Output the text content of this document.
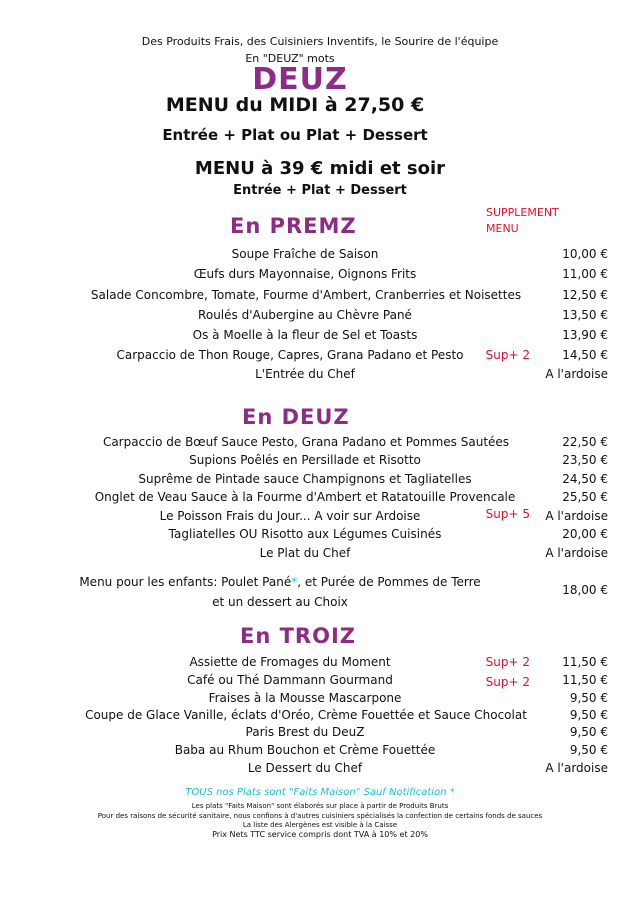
Des Produits Frais, des Cuisiniers Inventifs, le Sourire de l'équipe
En "DEUZ" mots
DEUZ
MENU du MIDI à 27,50 €
Entrée + Plat ou Plat + Dessert
MENU à 39 € midi et soir
Entrée + Plat + Dessert
SUPPLEMENT
MENU
En PREMZ
Soupe Fraîche de Saison	10,00 €
Œufs durs Mayonnaise, Oignons Frits	11,00 €
Salade Concombre, Tomate, Fourme d'Ambert, Cranberries et Noisettes	12,50 €
Roulés d'Aubergine au Chèvre Pané	13,50 €
Os à Moelle à la fleur de Sel et Toasts	13,90 €
Carpaccio de Thon Rouge, Capres, Grana Padano et Pesto	Sup+ 2	14,50 €
L'Entrée du Chef	A l'ardoise
En DEUZ
Carpaccio de Bœuf Sauce Pesto, Grana Padano et Pommes Sautées	22,50 €
Supions Poêlés en Persillade et Risotto	23,50 €
Suprême de Pintade sauce Champignons et Tagliatelles	24,50 €
Onglet de Veau Sauce à la Fourme d'Ambert et Ratatouille Provencale	25,50 €
Le Poisson Frais du Jour... A voir sur Ardoise	Sup+ 5	A l'ardoise
Tagliatelles OU Risotto aux Légumes Cuisinés	20,00 €
Le Plat du Chef	A l'ardoise
Menu pour les enfants: Poulet Pané*, et Purée de Pommes de Terre
et un dessert au Choix
18,00 €
En TROIZ
Assiette de Fromages du Moment	Sup+ 2	11,50 €
Café ou Thé Dammann Gourmand	Sup+ 2	11,50 €
Fraises à la Mousse Mascarpone	9,50 €
Coupe de Glace Vanille, éclats d'Oréo, Crème Fouettée et Sauce Chocolat	9,50 €
Paris Brest du DeuZ	9,50 €
Baba au Rhum Bouchon et Crème Fouettée	9,50 €
Le Dessert du Chef	A l'ardoise
TOUS nos Plats sont "Faits Maison" Sauf Notification *
Les plats "Faits Maison" sont élaborés sur place à partir de Produits Bruts
Pour des raisons de sécurité sanitaire, nous confions à d'autres cuisiniers spécialisés la confection de certains fonds de sauces
La liste des Alergènes est visible à la Caisse
Prix Nets TTC service compris dont TVA à 10% et 20%
